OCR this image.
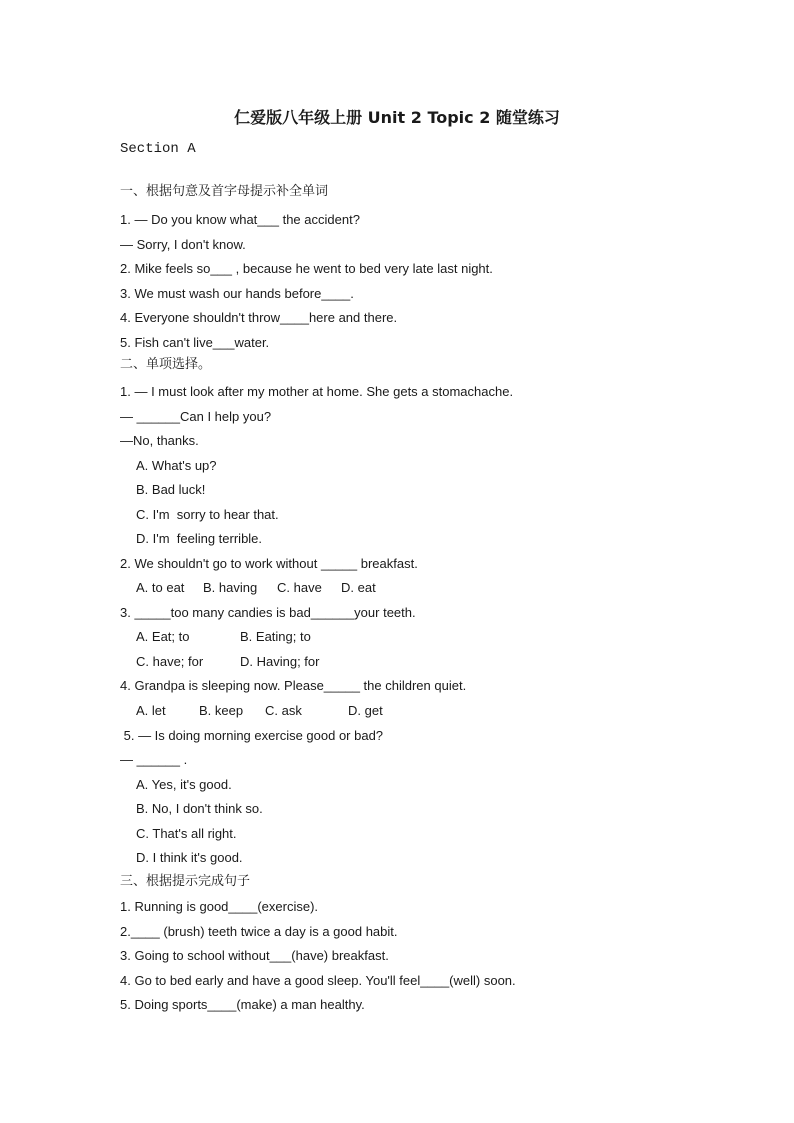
仁爱版八年级上册 Unit 2 Topic 2 随堂练习
Section A
一、根据句意及首字母提示补全单词
1. — Do you know what___ the accident?
— Sorry, I don't know.
2. Mike feels so___ , because he went to bed very late last night.
3. We must wash our hands before____.
4. Everyone shouldn't throw____here and there.
5. Fish can't live___water.
二、单项选择。
1. — I must look after my mother at home. She gets a stomachache.
— ______Can I help you?
—No, thanks.
A. What's up?
B. Bad luck!
C. I'm  sorry to hear that.
D. I'm  feeling terrible.
2. We shouldn't go to work without _____ breakfast.
A. to eat B. having C. have D. eat
3. _____too many candies is bad______your teeth.
A. Eat; to	B. Eating; to
C. have; for	D. Having; for
4. Grandpa is sleeping now. Please_____ the children quiet.
A. let	B. keep C. ask	D. get
5. — Is doing morning exercise good or bad?
— ______ .
A. Yes, it's good.
B. No, I don't think so.
C. That's all right.
D. I think it's good.
三、根据提示完成句子
1. Running is good____(exercise).
2.____ (brush) teeth twice a day is a good habit.
3. Going to school without___(have) breakfast.
4. Go to bed early and have a good sleep. You'll feel____(well) soon.
5. Doing sports____(make) a man healthy.
